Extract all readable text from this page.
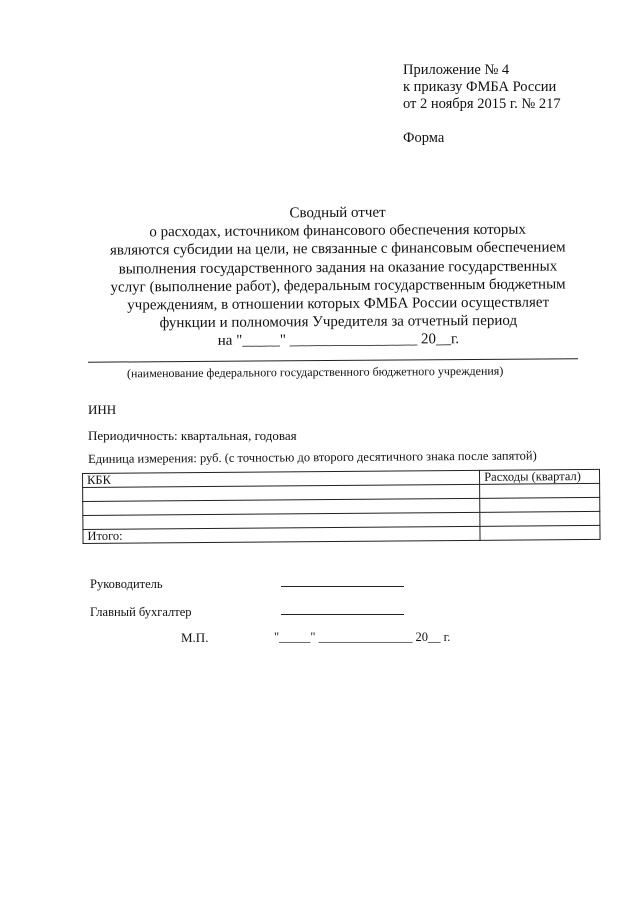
Приложение № 4
к приказу ФМБА России
от 2 ноября 2015 г. № 217
Форма
Сводный отчет
о расходах, источником финансового обеспечения которых
являются субсидии на цели, не связанные с финансовым обеспечением
выполнения государственного задания на оказание государственных
услуг (выполнение работ), федеральным государственным бюджетным
учреждениям, в отношении которых ФМБА России осуществляет
функции и полномочия Учредителя за отчетный период
на "_____" _________________ 20__г.
(наименование федерального государственного бюджетного учреждения)
ИНН
Периодичность: квартальная, годовая
Единица измерения: руб. (с точностью до второго десятичного знака после запятой)
КБК	Расходы (квартал)

Итого:	
Руководитель
Главный бухгалтер
М.П.	"_____" _______________ 20__ г.
